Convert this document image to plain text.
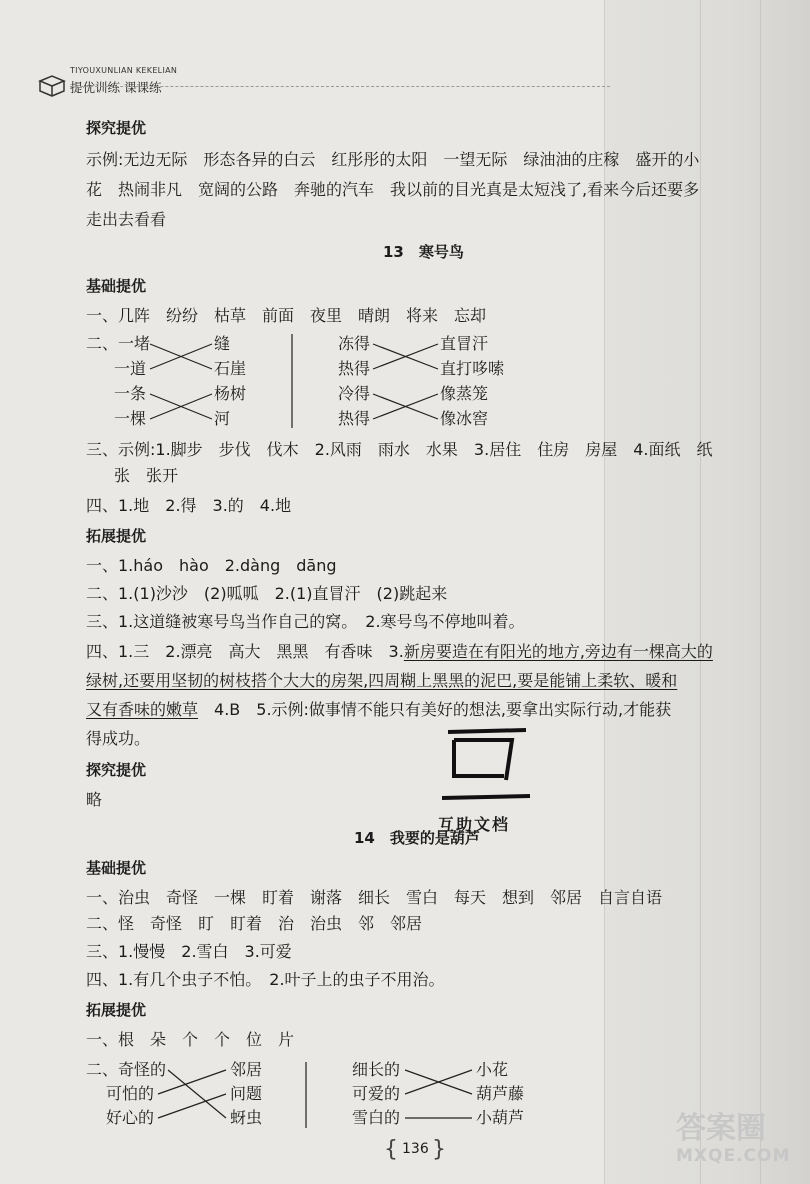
TIYOUXUNLIAN KEKELIAN
提优训练 课课练
探究提优
示例:无边无际　形态各异的白云　红彤彤的太阳　一望无际　绿油油的庄稼　盛开的小
花　热闹非凡　宽阔的公路　奔驰的汽车　我以前的目光真是太短浅了,看来今后还要多
走出去看看
13　寒号鸟
基础提优
一、几阵　纷纷　枯草　前面　夜里　晴朗　将来　忘却
二、一堵
一道
一条
一棵
缝
石崖
杨树
河
冻得
热得
冷得
热得
直冒汗
直打哆嗦
像蒸笼
像冰窖
三、示例:1.脚步　步伐　伐木　2.风雨　雨水　水果　3.居住　住房　房屋　4.面纸　纸
张　张开
四、1.地　2.得　3.的　4.地
拓展提优
一、1.háo　hào　2.dàng　dāng
二、1.(1)沙沙　(2)呱呱　2.(1)直冒汗　(2)跳起来
三、1.这道缝被寒号鸟当作自己的窝。　2.寒号鸟不停地叫着。
四、1.三　2.漂亮　高大　黑黑　有香味　3.新房要造在有阳光的地方,旁边有一棵高大的
绿树,还要用坚韧的树枝搭个大大的房架,四周糊上黑黑的泥巴,要是能铺上柔软、暖和
又有香味的嫩草　4.B　5.示例:做事情不能只有美好的想法,要拿出实际行动,才能获
得成功。
探究提优
略
互助文档
14　我要的是葫芦
基础提优
一、治虫　奇怪　一棵　盯着　谢落　细长　雪白　每天　想到　邻居　自言自语
二、怪　奇怪　盯　盯着　治　治虫　邻　邻居
三、1.慢慢　2.雪白　3.可爱
四、1.有几个虫子不怕。　2.叶子上的虫子不用治。
拓展提优
一、根　朵　个　个　位　片
二、奇怪的
可怕的
好心的
邻居
问题
蚜虫
细长的
可爱的
雪白的
小花
葫芦藤
小葫芦
{ 136 }
答案圈
MXQE.COM
